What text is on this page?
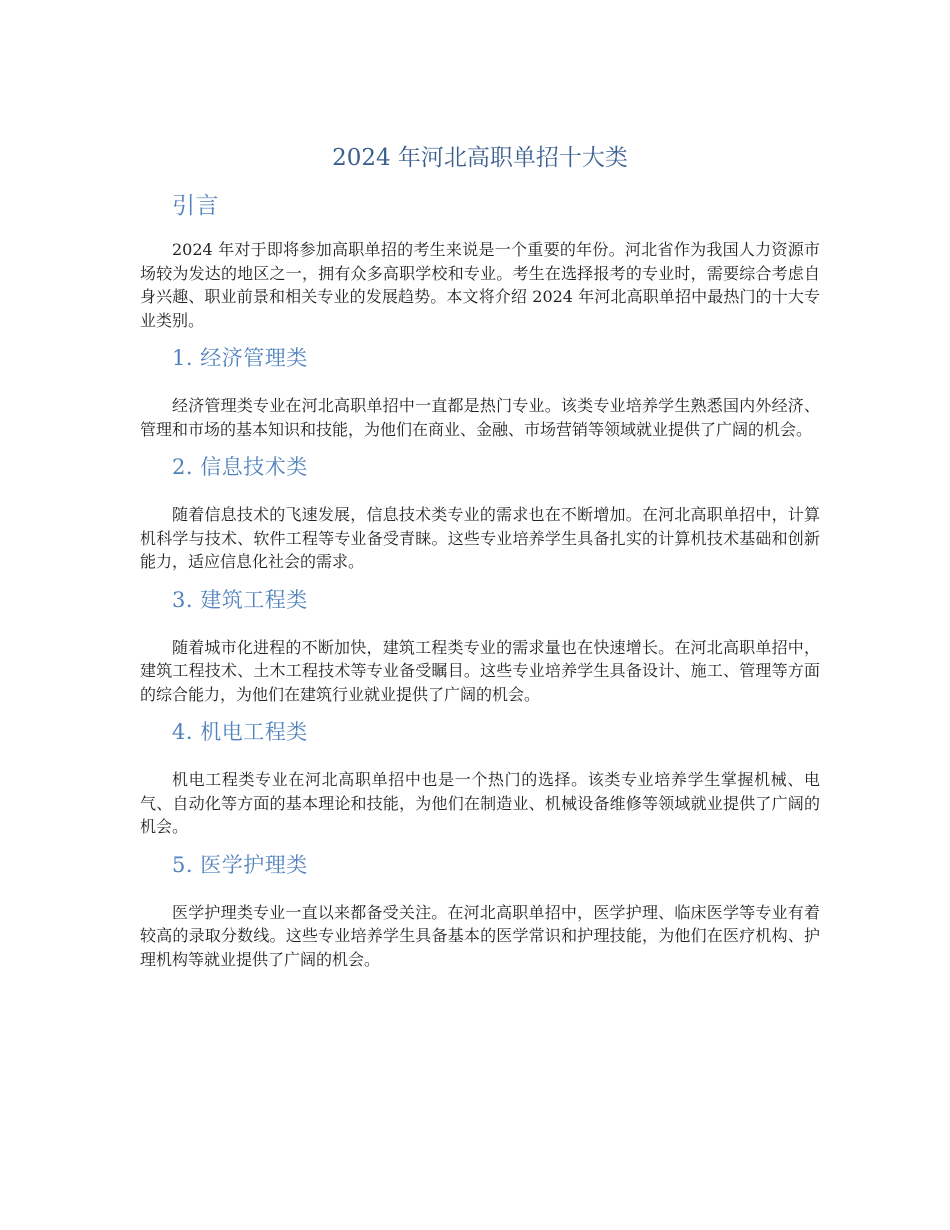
2024 年河北高职单招十大类
引言

2024 年对于即将参加高职单招的考生来说是一个重要的年份。河北省作为我国人力资源市场较为发达的地区之一，拥有众多高职学校和专业。考生在选择报考的专业时，需要综合考虑自身兴趣、职业前景和相关专业的发展趋势。本文将介绍 2024 年河北高职单招中最热门的十大专业类别。

1. 经济管理类

经济管理类专业在河北高职单招中一直都是热门专业。该类专业培养学生熟悉国内外经济、管理和市场的基本知识和技能，为他们在商业、金融、市场营销等领域就业提供了广阔的机会。

2. 信息技术类

随着信息技术的飞速发展，信息技术类专业的需求也在不断增加。在河北高职单招中，计算机科学与技术、软件工程等专业备受青睐。这些专业培养学生具备扎实的计算机技术基础和创新能力，适应信息化社会的需求。

3. 建筑工程类

随着城市化进程的不断加快，建筑工程类专业的需求量也在快速增长。在河北高职单招中，建筑工程技术、土木工程技术等专业备受瞩目。这些专业培养学生具备设计、施工、管理等方面的综合能力，为他们在建筑行业就业提供了广阔的机会。

4. 机电工程类

机电工程类专业在河北高职单招中也是一个热门的选择。该类专业培养学生掌握机械、电气、自动化等方面的基本理论和技能，为他们在制造业、机械设备维修等领域就业提供了广阔的机会。

5. 医学护理类

医学护理类专业一直以来都备受关注。在河北高职单招中，医学护理、临床医学等专业有着较高的录取分数线。这些专业培养学生具备基本的医学常识和护理技能，为他们在医疗机构、护理机构等就业提供了广阔的机会。
